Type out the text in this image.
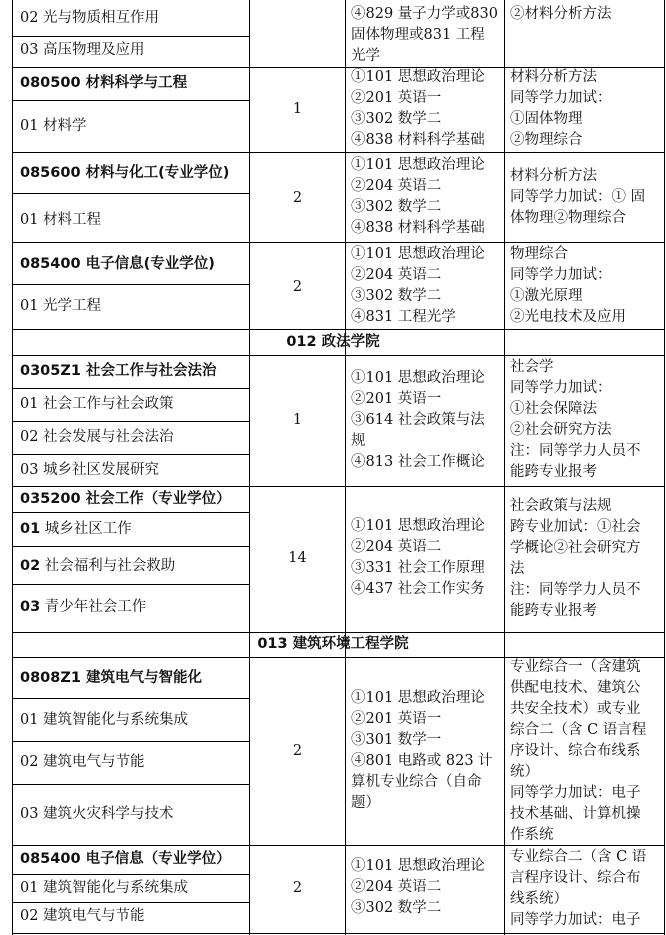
02 光与物质相互作用
03 高压物理及应用
④829 量子力学或830
固体物理或831 工程
光学
②材料分析方法
080500 材料科学与工程
01 材料学
1
①101 思想政治理论
②201 英语一
③302 数学二
④838 材料科学基础
材料分析方法
同等学力加试：
①固体物理
②物理综合
085600 材料与化工(专业学位)
01 材料工程
2
①101 思想政治理论
②204 英语二
③302 数学二
④838 材料科学基础
材料分析方法
同等学力加试：① 固
体物理②物理综合
085400 电子信息(专业学位)
01 光学工程
2
①101 思想政治理论
②204 英语二
③302 数学二
④831 工程光学
物理综合
同等学力加试：
①激光原理
②光电技术及应用
012 政法学院
0305Z1 社会工作与社会法治
01 社会工作与社会政策
02 社会发展与社会法治
03 城乡社区发展研究
1
①101 思想政治理论
②201 英语一
③614 社会政策与法
规
④813 社会工作概论
社会学
同等学力加试：
①社会保障法
②社会研究方法
注：同等学力人员不
能跨专业报考
035200 社会工作（专业学位）
01 城乡社区工作
02 社会福利与社会救助
03 青少年社会工作
14
①101 思想政治理论
②204 英语二
③331 社会工作原理
④437 社会工作实务
社会政策与法规
跨专业加试：①社会
学概论②社会研究方
法
注：同等学力人员不
能跨专业报考
013 建筑环境工程学院
0808Z1 建筑电气与智能化
01 建筑智能化与系统集成
02 建筑电气与节能
03 建筑火灾科学与技术
2
①101 思想政治理论
②201 英语一
③301 数学一
④801 电路或 823 计
算机专业综合（自命
题）
专业综合一（含建筑
供配电技术、建筑公
共安全技术）或专业
综合二（含 C 语言程
序设计、综合布线系
统）
同等学力加试：电子
技术基础、计算机操
作系统
085400 电子信息（专业学位）
01 建筑智能化与系统集成
02 建筑电气与节能
2
①101 思想政治理论
②204 英语二
③302 数学二
专业综合二（含 C 语
言程序设计、综合布
线系统）
同等学力加试：电子
